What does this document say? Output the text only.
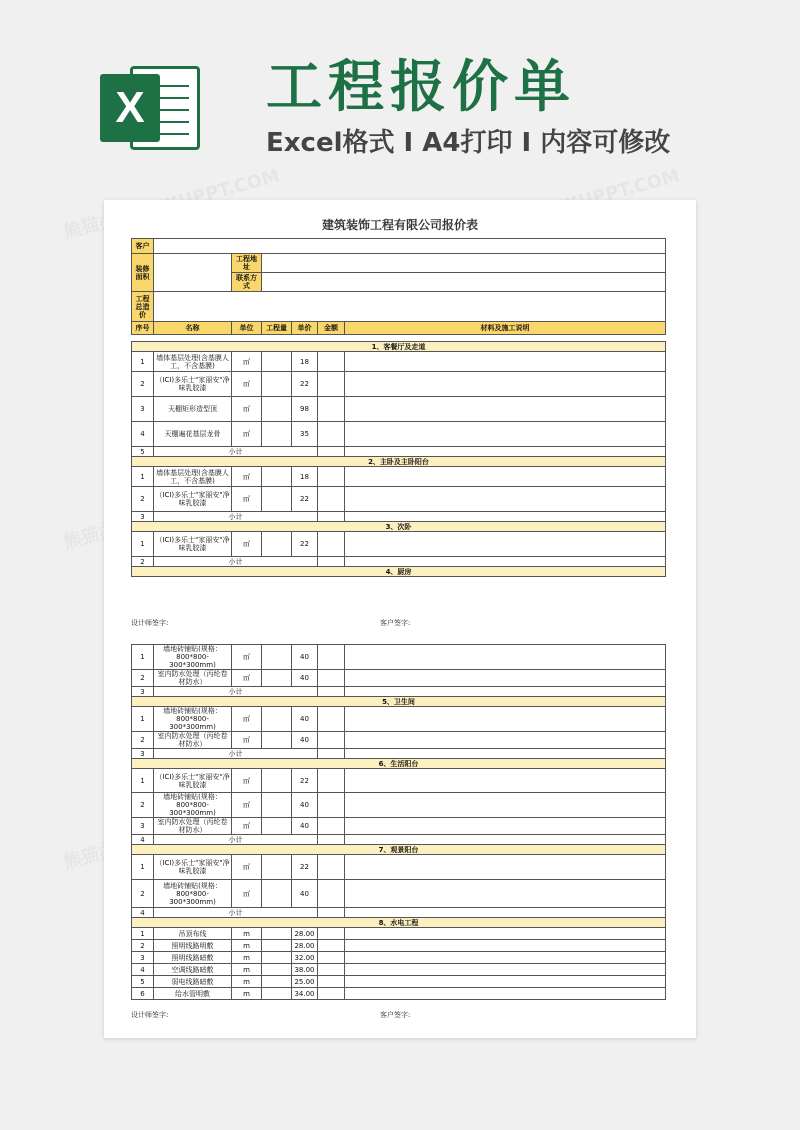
X 工程报价单
Excel格式 I A4打印 I 内容可修改
建筑装饰工程有限公司报价表
客户						
装修面积		工程地址				
		联系方式				
工程总造价						
序号	名称	单位	工程量	单价	金额	材料及施工说明
1、客餐厅及走道						
1	墙体基层处理(含基膜人工，不含基膜)	㎡		18		
2	（ICI)多乐士"家丽安"净味乳胶漆	㎡		22		
3	天棚矩形造型顶	㎡		98		
4	天棚遍花基层龙骨	㎡		35		
5	小计					
2、主卧及主卧阳台						
1	墙体基层处理(含基膜人工，不含基膜)	㎡		18		
2	（ICI)多乐士"家丽安"净味乳胶漆	㎡		22		
3	小计					
3、次卧						
1	（ICI)多乐士"家丽安"净味乳胶漆	㎡		22		
2	小计					
4、厨房						
设计师签字:	客户签字:
1	墙地砖铺贴(规格：800*800-300*300mm)	㎡		40		
2	室内防水处理（丙纶卷材防水）	㎡		40		
3	小计					
5、卫生间						
1	墙地砖铺贴(规格：800*800-300*300mm)	㎡		40		
2	室内防水处理（丙纶卷材防水）	㎡		40		
3	小计					
6、生活阳台						
1	（ICI)多乐士"家丽安"净味乳胶漆	㎡		22		
2	墙地砖铺贴(规格：800*800-300*300mm)	㎡		40		
3	室内防水处理（丙纶卷材防水）	㎡		40		
4	小计					
7、观景阳台						
1	（ICI)多乐士"家丽安"净味乳胶漆	㎡		22		
2	墙地砖铺贴(规格：800*800-300*300mm)	㎡		40		
4	小计					
8、水电工程						
1	吊顶布线	m		28.00		
2	照明线路明敷	m		28.00		
3	照明线路暗敷	m		32.00		
4	空调线路暗敷	m		38.00		
5	弱电线路暗敷	m		25.00		
6	给水管明敷	m		34.00		
设计师签字:	客户签字:
